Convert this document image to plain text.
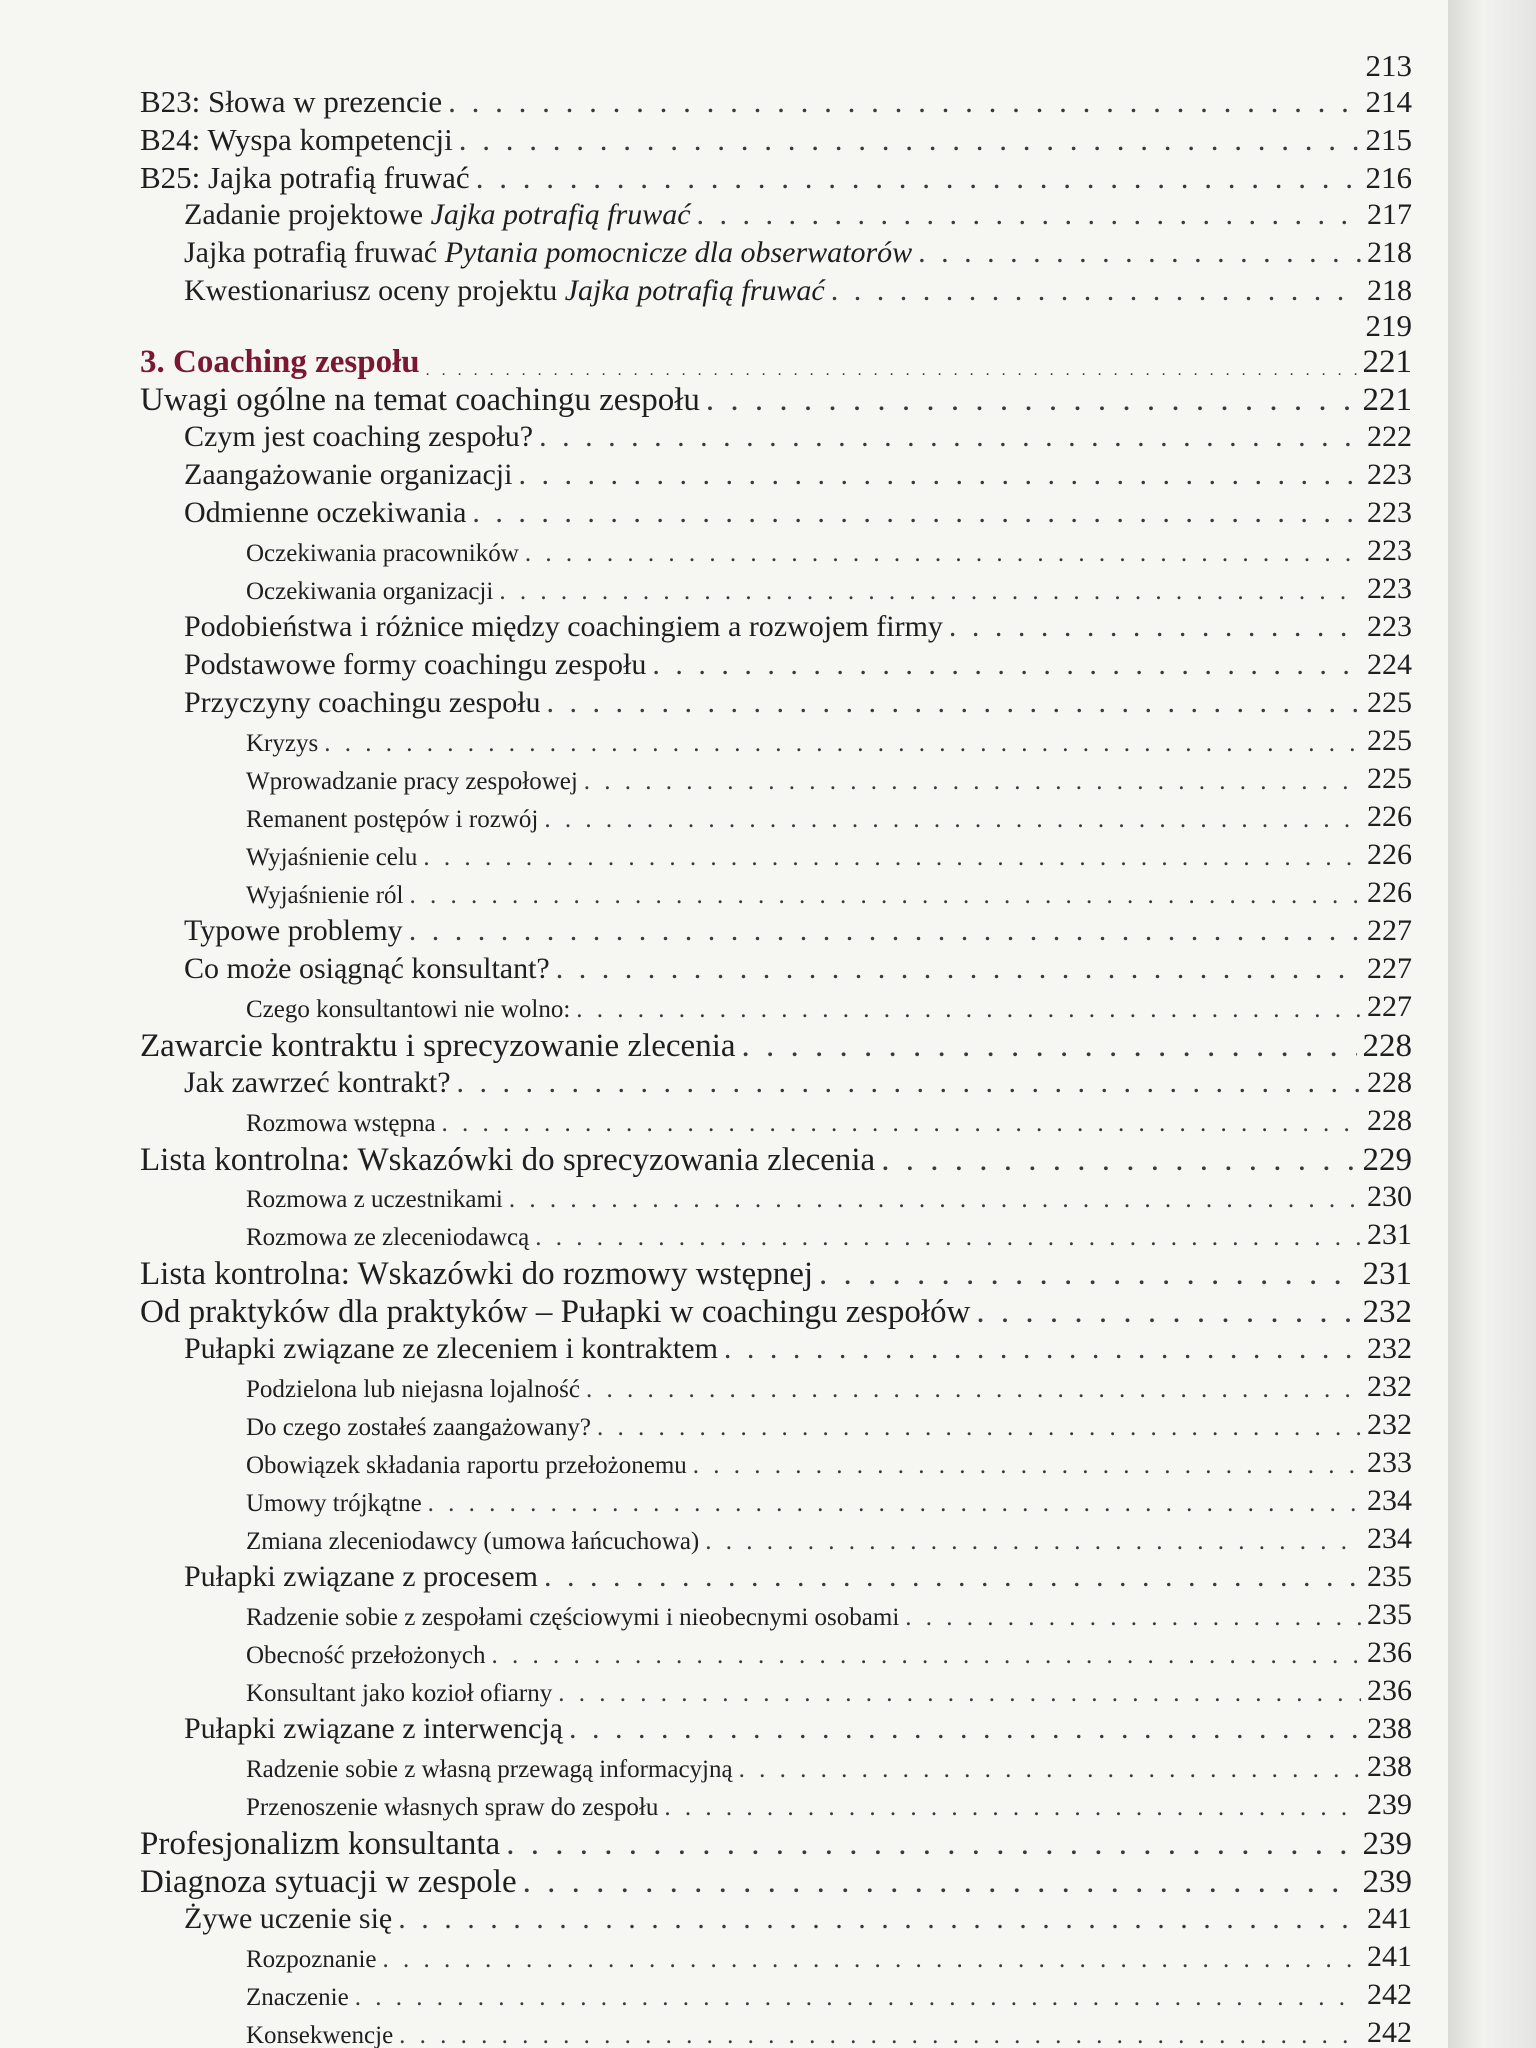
213
B23: Słowa w prezencie . . .	214
B24: Wyspa kompetencji . . .	215
B25: Jajka potrafią fruwać . . .	216
Zadanie projektowe Jajka potrafią fruwać . . .	217
Jajka potrafią fruwać Pytania pomocnicze dla obserwatorów . . .	218
Kwestionariusz oceny projektu Jajka potrafią fruwać . . .	218
219
3. Coaching zespołu . . .	221
Uwagi ogólne na temat coachingu zespołu . . .	221
Czym jest coaching zespołu? . . .	222
Zaangażowanie organizacji . . .	223
Odmienne oczekiwania . . .	223
Oczekiwania pracowników . . .	223
Oczekiwania organizacji . . .	223
Podobieństwa i różnice między coachingiem a rozwojem firmy . . .	223
Podstawowe formy coachingu zespołu . . .	224
Przyczyny coachingu zespołu . . .	225
Kryzys . . .	225
Wprowadzanie pracy zespołowej . . .	225
Remanent postępów i rozwój . . .	226
Wyjaśnienie celu . . .	226
Wyjaśnienie ról . . .	226
Typowe problemy . . .	227
Co może osiągnąć konsultant? . . .	227
Czego konsultantowi nie wolno: . . .	227
Zawarcie kontraktu i sprecyzowanie zlecenia . . .	228
Jak zawrzeć kontrakt? . . .	228
Rozmowa wstępna . . .	228
Lista kontrolna: Wskazówki do sprecyzowania zlecenia . . .	229
Rozmowa z uczestnikami . . .	230
Rozmowa ze zleceniodawcą . . .	231
Lista kontrolna: Wskazówki do rozmowy wstępnej . . .	231
Od praktyków dla praktyków – Pułapki w coachingu zespołów . . .	232
Pułapki związane ze zleceniem i kontraktem . . .	232
Podzielona lub niejasna lojalność . . .	232
Do czego zostałeś zaangażowany? . . .	232
Obowiązek składania raportu przełożonemu . . .	233
Umowy trójkątne . . .	234
Zmiana zleceniodawcy (umowa łańcuchowa) . . .	234
Pułapki związane z procesem . . .	235
Radzenie sobie z zespołami częściowymi i nieobecnymi osobami . . .	235
Obecność przełożonych . . .	236
Konsultant jako kozioł ofiarny . . .	236
Pułapki związane z interwencją . . .	238
Radzenie sobie z własną przewagą informacyjną . . .	238
Przenoszenie własnych spraw do zespołu . . .	239
Profesjonalizm konsultanta . . .	239
Diagnoza sytuacji w zespole . . .	239
Żywe uczenie się . . .	241
Rozpoznanie . . .	241
Znaczenie . . .	242
Konsekwencje . . .	242
